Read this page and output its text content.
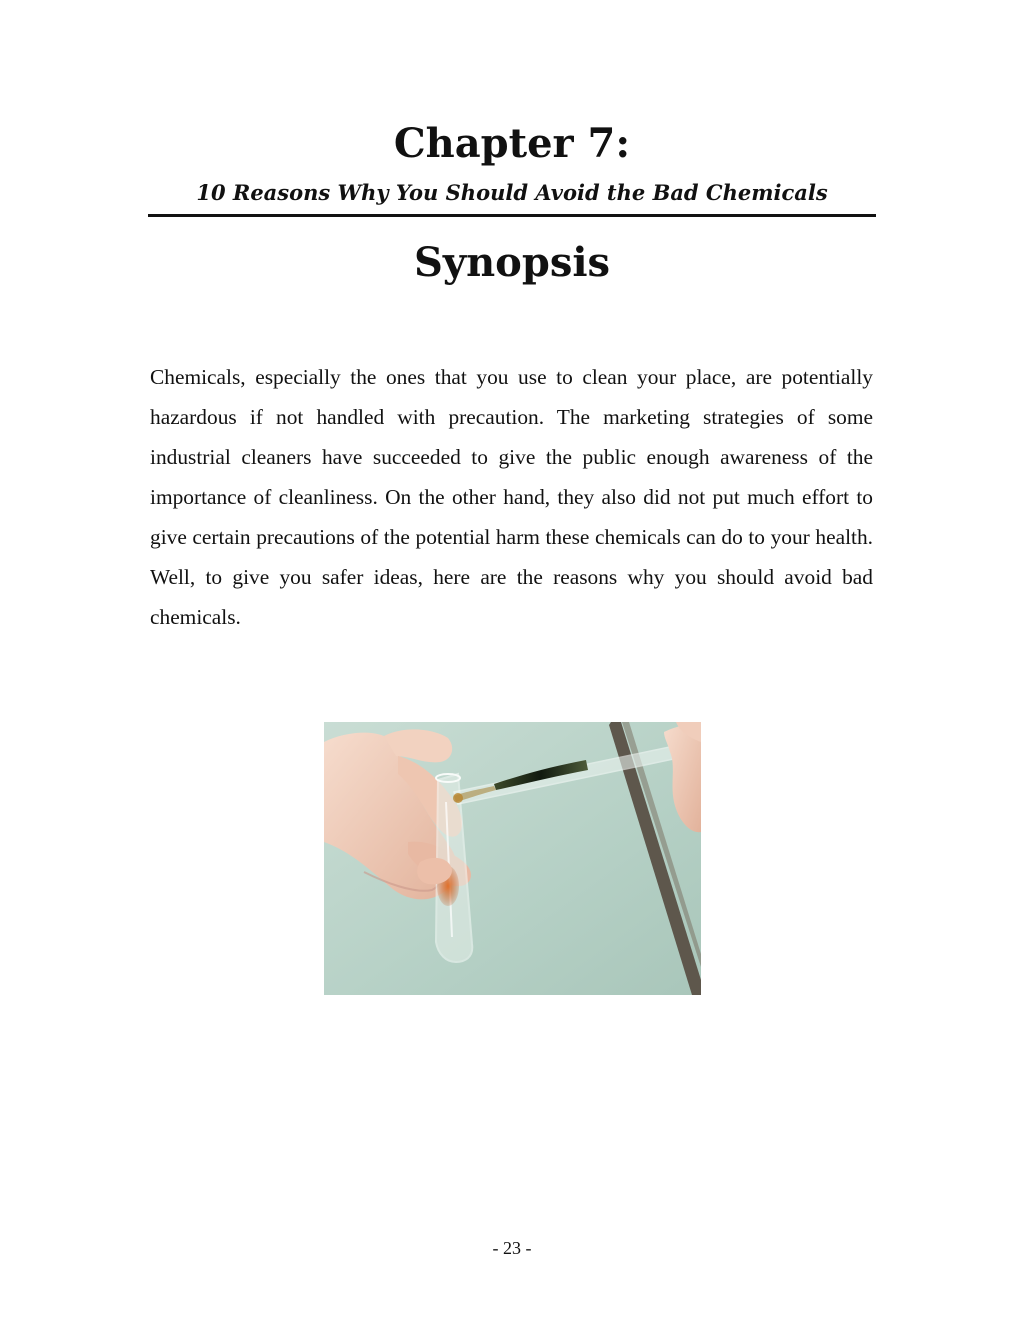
Chapter 7:
10 Reasons Why You Should Avoid the Bad Chemicals
Synopsis

Chemicals, especially the ones that you use to clean your place, are potentially hazardous if not handled with precaution. The marketing strategies of some industrial cleaners have succeeded to give the public enough awareness of the importance of cleanliness. On the other hand, they also did not put much effort to give certain precautions of the potential harm these chemicals can do to your health. Well, to give you safer ideas, here are the reasons why you should avoid bad chemicals.

- 23 -
